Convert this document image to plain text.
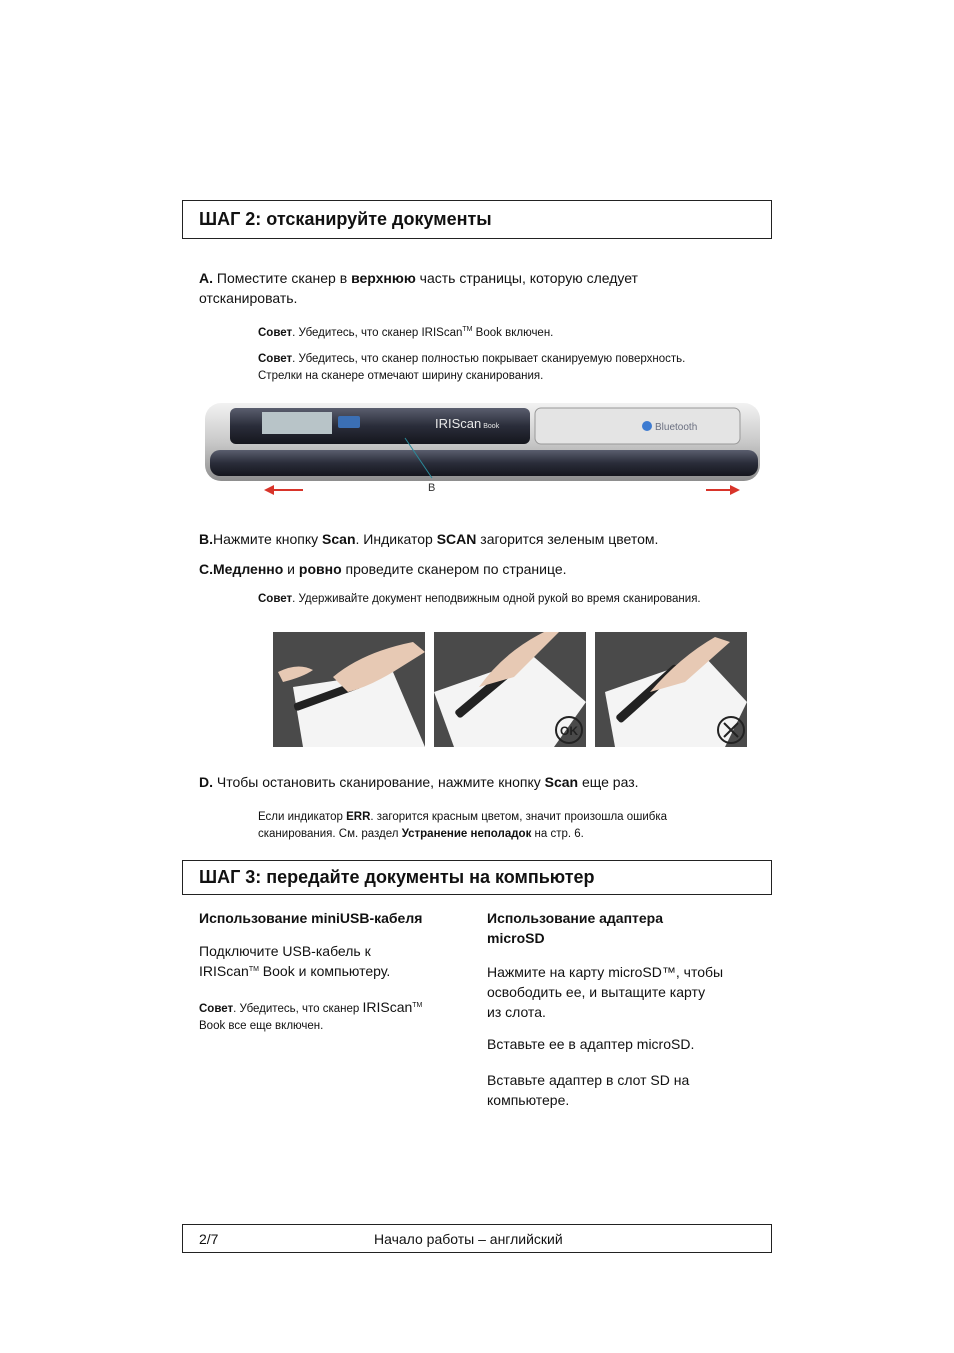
ШАГ 2: отсканируйте документы
A. Поместите сканер в верхнюю часть страницы, которую следует
отсканировать.
Совет. Убедитесь, что сканер IRIScan™ Book включен.
Совет. Убедитесь, что сканер полностью покрывает сканируемую поверхность.
Стрелки на сканере отмечают ширину сканирования.
IRIScan Book	Bluetooth
B
B.Нажмите кнопку Scan. Индикатор SCAN загорится зеленым цветом.
C.Медленно и ровно проведите сканером по странице.
Совет. Удерживайте документ неподвижным одной рукой во время сканирования.
OK
D. Чтобы остановить сканирование, нажмите кнопку Scan еще раз.
Если индикатор ERR. загорится красным цветом, значит произошла ошибка
сканирования. См. раздел Устранение неполадок на стр. 6.
ШАГ 3: передайте документы на компьютер
Использование miniUSB-кабеля
Подключите USB-кабель к
IRIScan™ Book и компьютеру.
Совет. Убедитесь, что сканер IRIScan™
Book все еще включен.
Использование адаптера
microSD
Нажмите на карту microSD™, чтобы
освободить ее, и вытащите карту
из слота.
Вставьте ее в адаптер microSD.
Вставьте адаптер в слот SD на
компьютере.
2/7	Начало работы – английский
